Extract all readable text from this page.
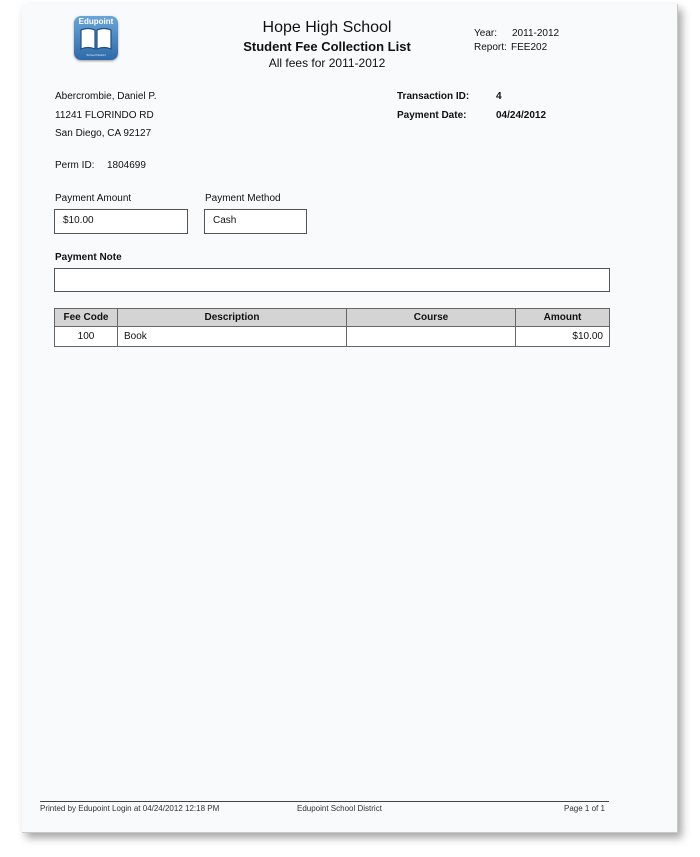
Edupoint
School District
Hope High School
Student Fee Collection List
All fees for 2011-2012
Year: 2011-2012
Report: FEE202
Abercrombie, Daniel P.
11241 FLORINDO RD
San Diego, CA 92127
Perm ID: 1804699
Transaction ID:	4
Payment Date:	04/24/2012
Payment Amount
$10.00
Payment Method
Cash
Payment Note
Fee Code	Description	Course	Amount
100	Book		$10.00
Printed by Edupoint Login at 04/24/2012 12:18 PM	Edupoint School District	Page 1 of 1
